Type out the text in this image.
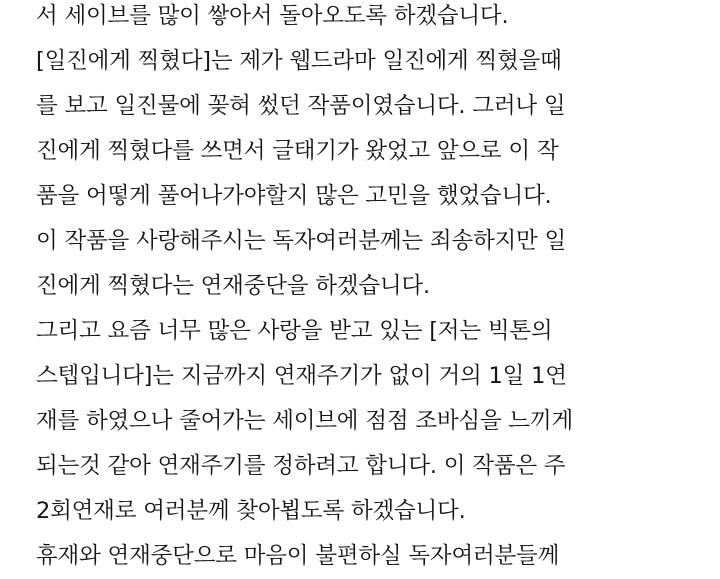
서 세이브를 많이 쌓아서 돌아오도록 하겠습니다.
[일진에게 찍혔다]는 제가 웹드라마 일진에게 찍혔을때
를 보고 일진물에 꽂혀 썼던 작품이였습니다. 그러나 일
진에게 찍혔다를 쓰면서 글태기가 왔었고 앞으로 이 작
품을 어떻게 풀어나가야할지 많은 고민을 했었습니다.
이 작품을 사랑해주시는 독자여러분께는 죄송하지만 일
진에게 찍혔다는 연재중단을 하겠습니다.
그리고 요즘 너무 많은 사랑을 받고 있는 [저는 빅톤의
스텝입니다]는 지금까지 연재주기가 없이 거의 1일 1연
재를 하였으나 줄어가는 세이브에 점점 조바심을 느끼게
되는것 같아 연재주기를 정하려고 합니다. 이 작품은 주
2회연재로 여러분께 찾아뵙도록 하겠습니다.
휴재와 연재중단으로 마음이 불편하실 독자여러분들께
